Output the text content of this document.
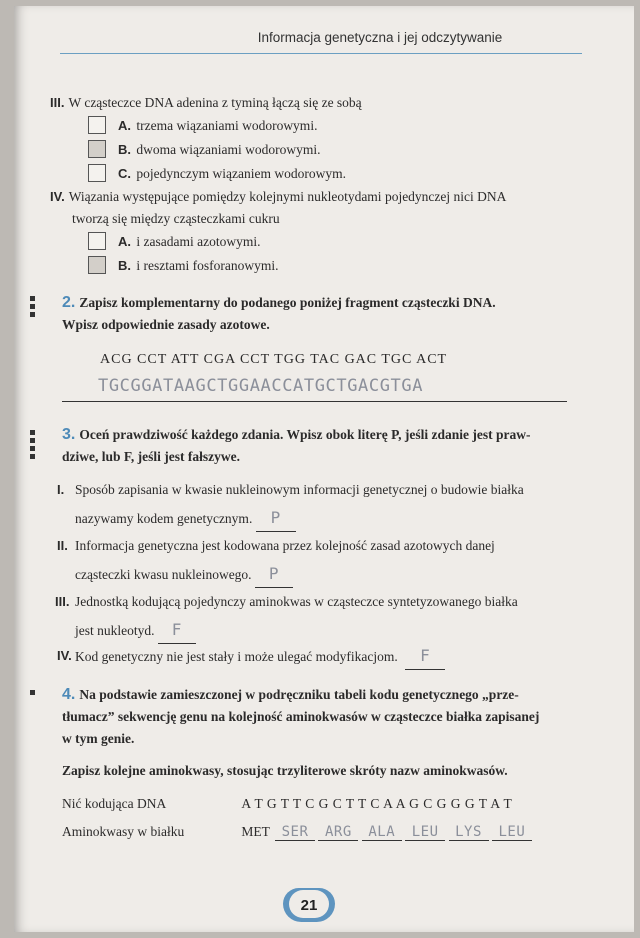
Informacja genetyczna i jej odczytywanie
III. W cząsteczce DNA adenina z tyminą łączą się ze sobą
A. trzema wiązaniami wodorowymi.
B. dwoma wiązaniami wodorowymi.
C. pojedynczym wiązaniem wodorowym.
IV. Wiązania występujące pomiędzy kolejnymi nukleotydami pojedynczej nici DNA
tworzą się między cząsteczkami cukru
A. i zasadami azotowymi.
B. i resztami fosforanowymi.
2. Zapisz komplementarny do podanego poniżej fragment cząsteczki DNA.
Wpisz odpowiednie zasady azotowe.
ACG CCT ATT CGA CCT TGG TAC GAC TGC ACT
TGCGGATAAGCTGGAACCATGCTGACGTGA
3. Oceń prawdziwość każdego zdania. Wpisz obok literę P, jeśli zdanie jest praw-
dziwe, lub F, jeśli jest fałszywe.
I. Sposób zapisania w kwasie nukleinowym informacji genetycznej o budowie białka
nazywamy kodem genetycznym. P
II. Informacja genetyczna jest kodowana przez kolejność zasad azotowych danej
cząsteczki kwasu nukleinowego. P
III. Jednostką kodującą pojedynczy aminokwas w cząsteczce syntetyzowanego białka
jest nukleotyd. F
IV. Kod genetyczny nie jest stały i może ulegać modyfikacjom. F
4. Na podstawie zamieszczonej w podręczniku tabeli kodu genetycznego „prze-
tłumacz” sekwencję genu na kolejność aminokwasów w cząsteczce białka zapisanej
w tym genie.
Zapisz kolejne aminokwasy, stosując trzyliterowe skróty nazw aminokwasów.
Nić kodująca DNA	A T G T T C G C T T C A A G C G G G T A T
Aminokwasy w białku	MET SER ARG ALA LEU LYS LEU
21
